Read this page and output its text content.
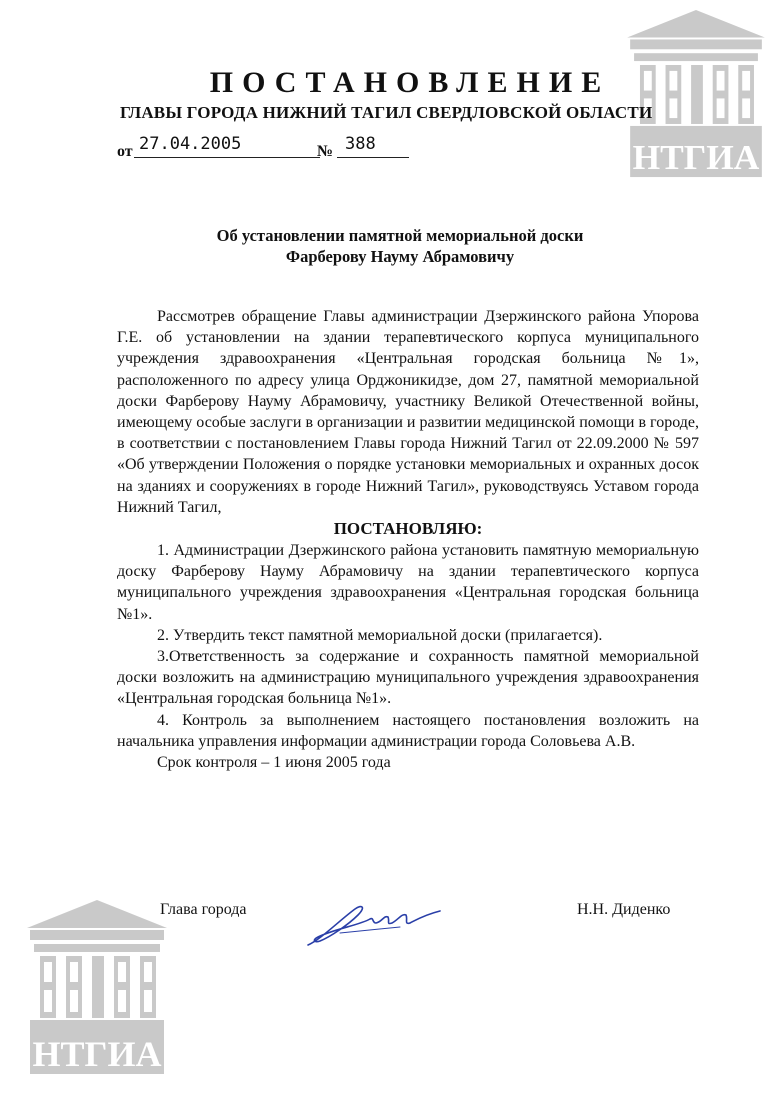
НТГИА
НТГИА
ПОСТАНОВЛЕНИЕ
ГЛАВЫ ГОРОДА НИЖНИЙ ТАГИЛ СВЕРДЛОВСКОЙ ОБЛАСТИ
от 27.04.2005	№ 388
Об установлении памятной мемориальной доски
Фарберову Науму Абрамовичу

Рассмотрев обращение Главы администрации Дзержинского района Упорова Г.Е. об установлении на здании терапевтического корпуса муниципального учреждения здравоохранения «Центральная городская больница №1», расположенного по адресу улица Орджоникидзе, дом 27, памятной мемориальной доски Фарберову Науму Абрамовичу, участнику Великой Отечественной войны, имеющему особые заслуги в организации и развитии медицинской помощи в городе, в соответствии с постановлением Главы города Нижний Тагил от 22.09.2000 № 597 «Об утверждении Положения о порядке установки мемориальных и охранных досок на зданиях и сооружениях в городе Нижний Тагил», руководствуясь Уставом города Нижний Тагил,

ПОСТАНОВЛЯЮ:

1. Администрации Дзержинского района установить памятную мемориальную доску Фарберову Науму Абрамовичу на здании терапевтического корпуса муниципального учреждения здравоохранения «Центральная городская больница №1».

2. Утвердить текст памятной мемориальной доски (прилагается).

3.Ответственность за содержание и сохранность памятной мемориальной доски возложить на администрацию муниципального учреждения здравоохранения «Центральная городская больница №1».

4. Контроль за выполнением настоящего постановления возложить на начальника управления информации администрации города Соловьева А.В.

Срок контроля – 1 июня 2005 года

Глава города	Н.Н. Диденко
